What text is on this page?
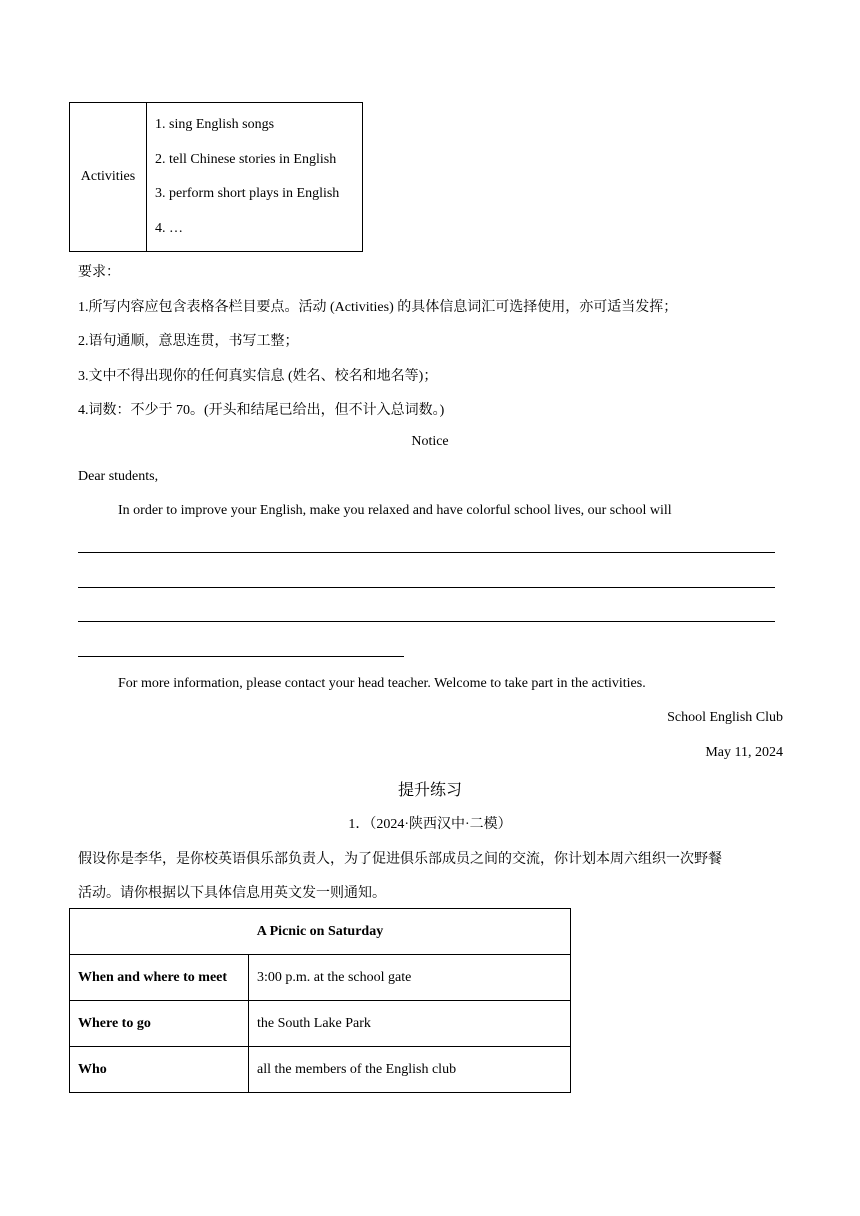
Activities	
1. sing English songs
2. tell Chinese stories in English
3. perform short plays in English
4. …
要求：
1.所写内容应包含表格各栏目要点。活动 (Activities) 的具体信息词汇可选择使用，亦可适当发挥；
2.语句通顺，意思连贯，书写工整；
3.文中不得出现你的任何真实信息 (姓名、校名和地名等)；
4.词数：不少于 70。(开头和结尾已给出，但不计入总词数。)
Notice
Dear students,
In order to improve your English, make you relaxed and have colorful school lives, our school will
For more information, please contact your head teacher. Welcome to take part in the activities.
School English Club
May 11, 2024
提升练习
1．（2024·陕西汉中·二模）
假设你是李华，是你校英语俱乐部负责人，为了促进俱乐部成员之间的交流，你计划本周六组织一次野餐
活动。请你根据以下具体信息用英文发一则通知。
A Picnic on Saturday	
When and where to meet	3:00 p.m. at the school gate
Where to go	the South Lake Park
Who	all the members of the English club
